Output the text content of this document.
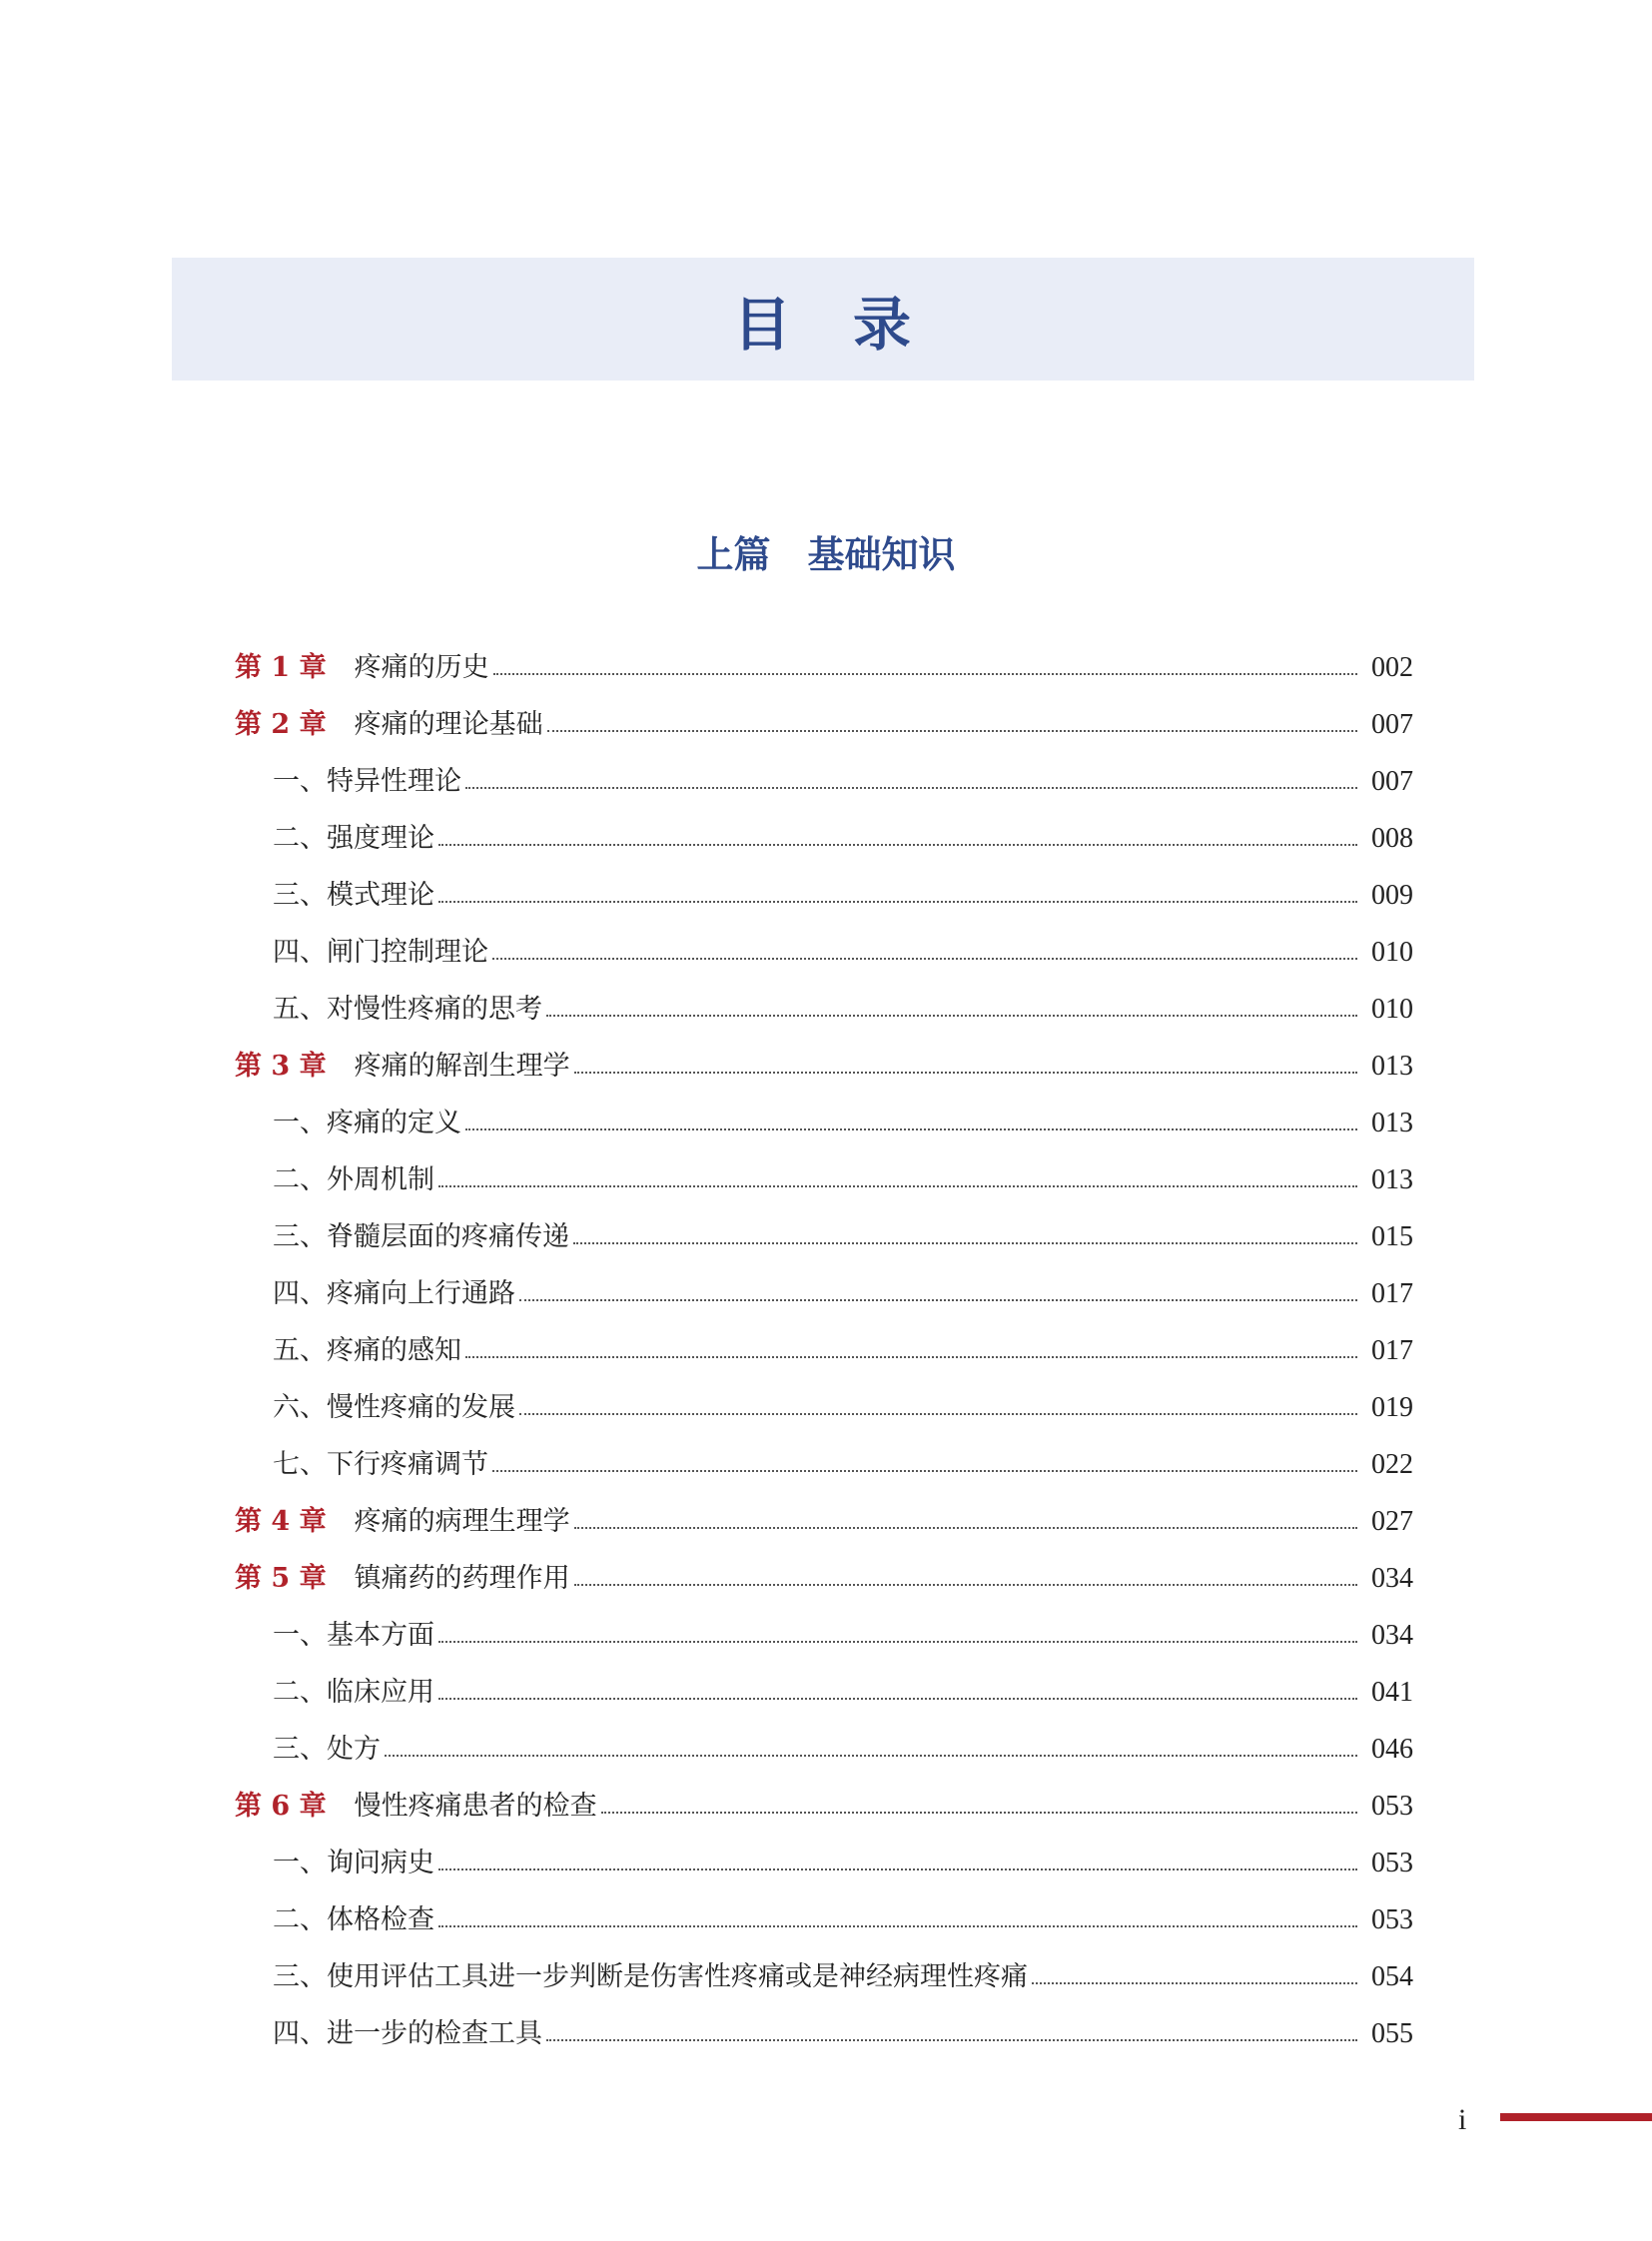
目　录
上篇　基础知识
第 1 章 疼痛的历史	002
第 2 章 疼痛的理论基础	007
一、特异性理论	007
二、强度理论	008
三、模式理论	009
四、闸门控制理论	010
五、对慢性疼痛的思考	010
第 3 章 疼痛的解剖生理学	013
一、疼痛的定义	013
二、外周机制	013
三、脊髓层面的疼痛传递	015
四、疼痛向上行通路	017
五、疼痛的感知	017
六、慢性疼痛的发展	019
七、下行疼痛调节	022
第 4 章 疼痛的病理生理学	027
第 5 章 镇痛药的药理作用	034
一、基本方面	034
二、临床应用	041
三、处方	046
第 6 章 慢性疼痛患者的检查	053
一、询问病史	053
二、体格检查	053
三、使用评估工具进一步判断是伤害性疼痛或是神经病理性疼痛	054
四、进一步的检查工具	055
i
